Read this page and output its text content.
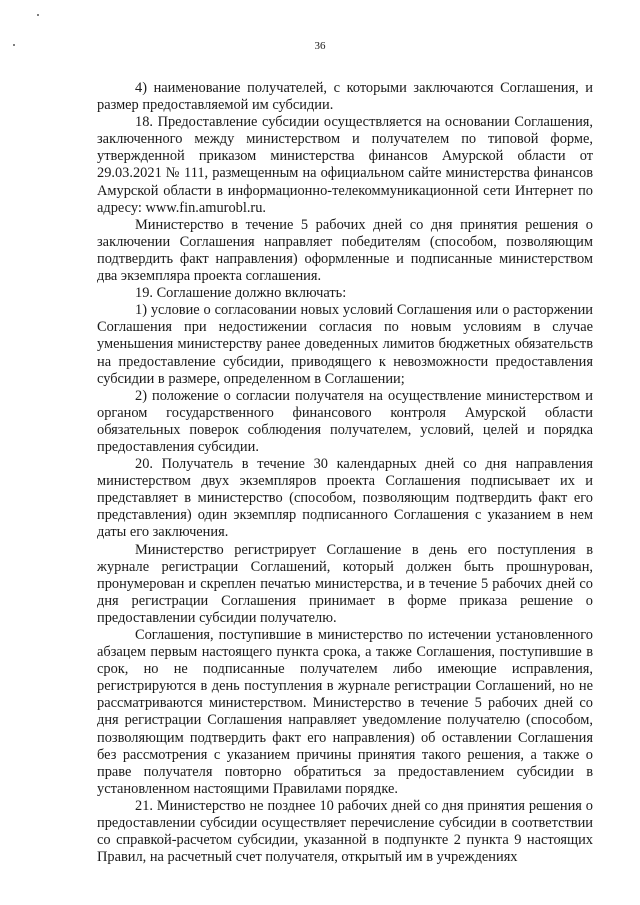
36

4) наименование получателей, с которыми заключаются Соглашения, и размер предоставляемой им субсидии.

18. Предоставление субсидии осуществляется на основании Соглашения, заключенного между министерством и получателем по типовой форме, утвержденной приказом министерства финансов Амурской области от 29.03.2021 № 111, размещенным на официальном сайте министерства финансов Амурской области в информационно-телекоммуникационной сети Интернет по адресу: www.fin.amurobl.ru.

Министерство в течение 5 рабочих дней со дня принятия решения о заключении Соглашения направляет победителям (способом, позволяющим подтвердить факт направления) оформленные и подписанные министерством два экземпляра проекта соглашения.

19. Соглашение должно включать:

1) условие о согласовании новых условий Соглашения или о расторжении Соглашения при недостижении согласия по новым условиям в случае уменьшения министерству ранее доведенных лимитов бюджетных обязательств на предоставление субсидии, приводящего к невозможности предоставления субсидии в размере, определенном в Соглашении;

2) положение о согласии получателя на осуществление министерством и органом государственного финансового контроля Амурской области обязательных поверок соблюдения получателем, условий, целей и порядка предоставления субсидии.

20. Получатель в течение 30 календарных дней со дня направления министерством двух экземпляров проекта Соглашения подписывает их и представляет в министерство (способом, позволяющим подтвердить факт его представления) один экземпляр подписанного Соглашения с указанием в нем даты его заключения.

Министерство регистрирует Соглашение в день его поступления в журнале регистрации Соглашений, который должен быть прошнурован, пронумерован и скреплен печатью министерства, и в течение 5 рабочих дней со дня регистрации Соглашения принимает в форме приказа решение о предоставлении субсидии получателю.

Соглашения, поступившие в министерство по истечении установленного абзацем первым настоящего пункта срока, а также Соглашения, поступившие в срок, но не подписанные получателем либо имеющие исправления, регистрируются в день поступления в журнале регистрации Соглашений, но не рассматриваются министерством. Министерство в течение 5 рабочих дней со дня регистрации Соглашения направляет уведомление получателю (способом, позволяющим подтвердить факт его направления) об оставлении Соглашения без рассмотрения с указанием причины принятия такого решения, а также о праве получателя повторно обратиться за предоставлением субсидии в установленном настоящими Правилами порядке.

21. Министерство не позднее 10 рабочих дней со дня принятия решения о предоставлении субсидии осуществляет перечисление субсидии в соответствии со справкой-расчетом субсидии, указанной в подпункте 2 пункта 9 настоящих Правил, на расчетный счет получателя, открытый им в учреждениях
